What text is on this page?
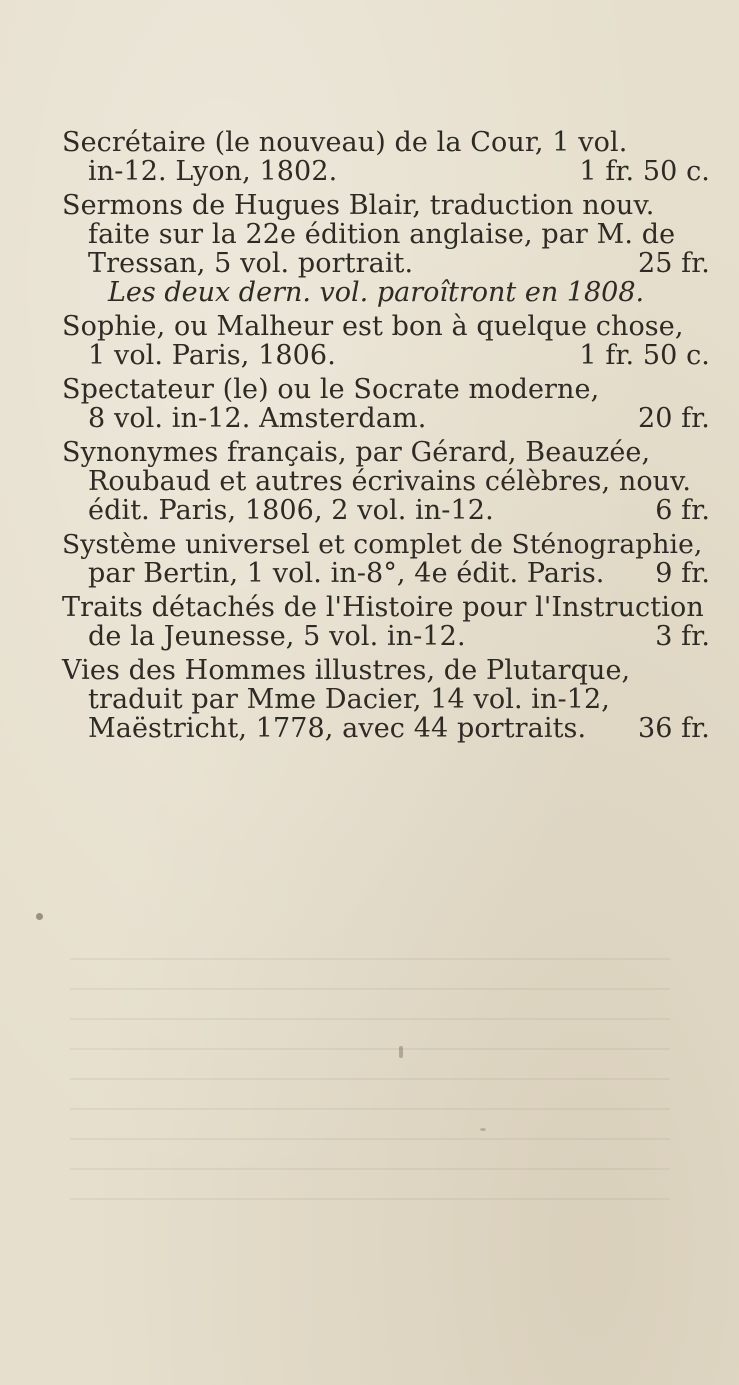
Secrétaire (le nouveau) de la Cour, 1 vol.
in-12. Lyon, 1802.	1 fr. 50 c.
Sermons de Hugues Blair, traduction nouv.
faite sur la 22e édition anglaise, par M. de
Tressan, 5 vol. portrait.	25 fr.
Les deux dern. vol. paroîtront en 1808.
Sophie, ou Malheur est bon à quelque chose,
1 vol. Paris, 1806.	1 fr. 50 c.
Spectateur (le) ou le Socrate moderne,
8 vol. in-12. Amsterdam.	20 fr.
Synonymes français, par Gérard, Beauzée,
Roubaud et autres écrivains célèbres, nouv.
édit. Paris, 1806, 2 vol. in-12.	6 fr.
Système universel et complet de Sténographie,
par Bertin, 1 vol. in-8°, 4e édit. Paris. 9 fr.
Traits détachés de l'Histoire pour l'Instruction
de la Jeunesse, 5 vol. in-12.	3 fr.
Vies des Hommes illustres, de Plutarque,
traduit par Mme Dacier, 14 vol. in-12,
Maëstricht, 1778, avec 44 portraits. 36 fr.
